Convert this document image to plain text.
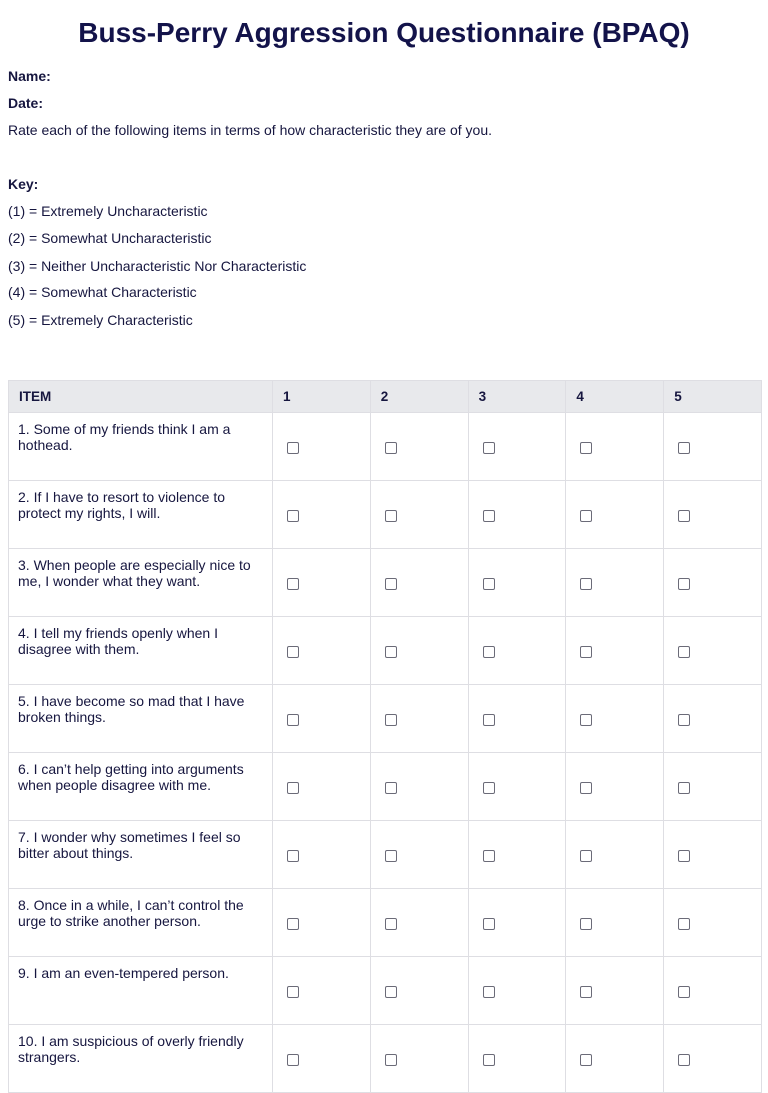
Buss-Perry Aggression Questionnaire (BPAQ)
Name:
Date:
Rate each of the following items in terms of how characteristic they are of you.
Key:
(1) = Extremely Uncharacteristic
(2) = Somewhat Uncharacteristic
(3) = Neither Uncharacteristic Nor Characteristic
(4) = Somewhat Characteristic
(5) = Extremely Characteristic
ITEM	1	2	3	4	5
1. Some of my friends think I am a hothead.					
2. If I have to resort to violence to protect my rights, I will.					
3. When people are especially nice to me, I wonder what they want.					
4. I tell my friends openly when I disagree with them.					
5. I have become so mad that I have broken things.					
6. I can’t help getting into arguments when people disagree with me.					
7. I wonder why sometimes I feel so bitter about things.					
8. Once in a while, I can’t control the urge to strike another person.					
9. I am an even-tempered person.					
10. I am suspicious of overly friendly strangers.					
